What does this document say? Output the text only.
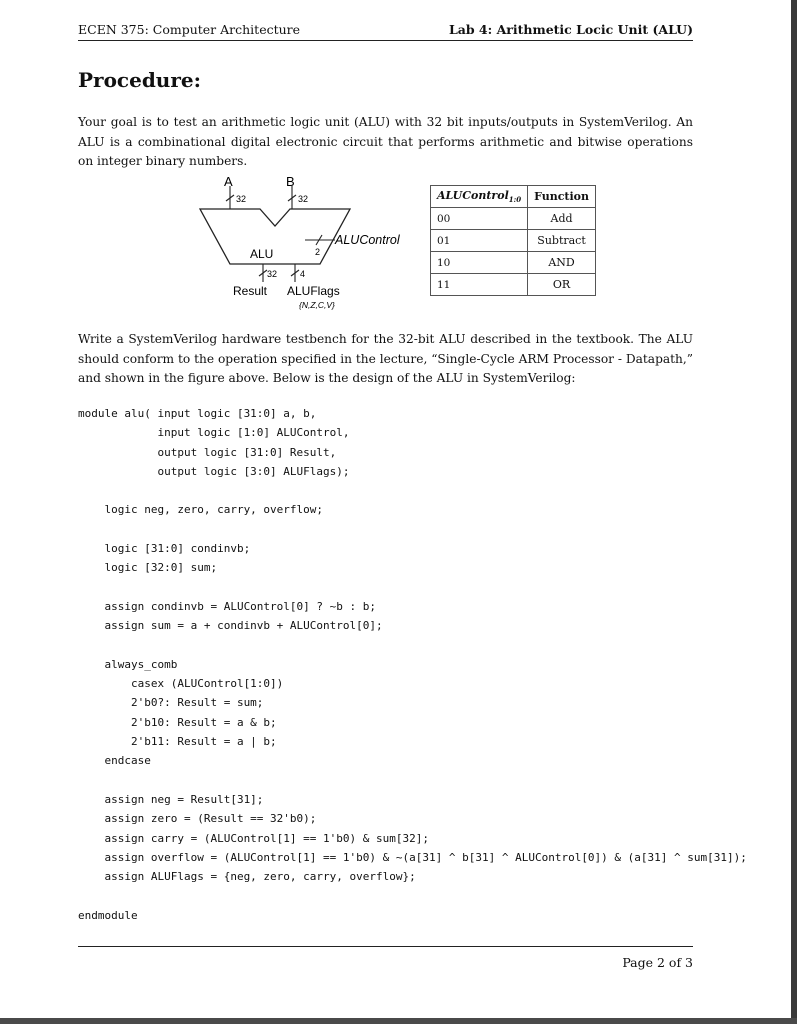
ECEN 375: Computer Architecture	Lab 4: Arithmetic Locic Unit (ALU)
Procedure:

Your goal is to test an arithmetic logic unit (ALU) with 32 bit inputs/outputs in SystemVerilog. An ALU is a combinational digital electronic circuit that performs arithmetic and bitwise operations on integer binary numbers.

A
32
B
32
2
ALUControl
ALU
32	4
Result ALUFlags
{N,Z,C,V}
ALUControl$_{1:0}$	Function
00	Add
01	Subtract
10	AND
11	OR

Write a SystemVerilog hardware testbench for the 32-bit ALU described in the textbook. The ALU should conform to the operation specified in the lecture, “Single-Cycle ARM Processor - Datapath,” and shown in the figure above. Below is the design of the ALU in SystemVerilog:

module alu( input logic [31:0] a, b,
input logic [1:0] ALUControl,
output logic [31:0] Result,
output logic [3:0] ALUFlags);

logic neg, zero, carry, overflow;

logic [31:0] condinvb;
logic [32:0] sum;

assign condinvb = ALUControl[0] ? ~b : b;
assign sum = a + condinvb + ALUControl[0];

always_comb
casex (ALUControl[1:0])
2'b0?: Result = sum;
2'b10: Result = a & b;
2'b11: Result = a | b;
endcase

assign neg = Result[31];
assign zero = (Result == 32'b0);
assign carry = (ALUControl[1] == 1'b0) & sum[32];
assign overflow = (ALUControl[1] == 1'b0) & ~(a[31] ^ b[31] ^ ALUControl[0]) & (a[31] ^ sum[31]);
assign ALUFlags = {neg, zero, carry, overflow};

endmodule
Page 2 of 3
